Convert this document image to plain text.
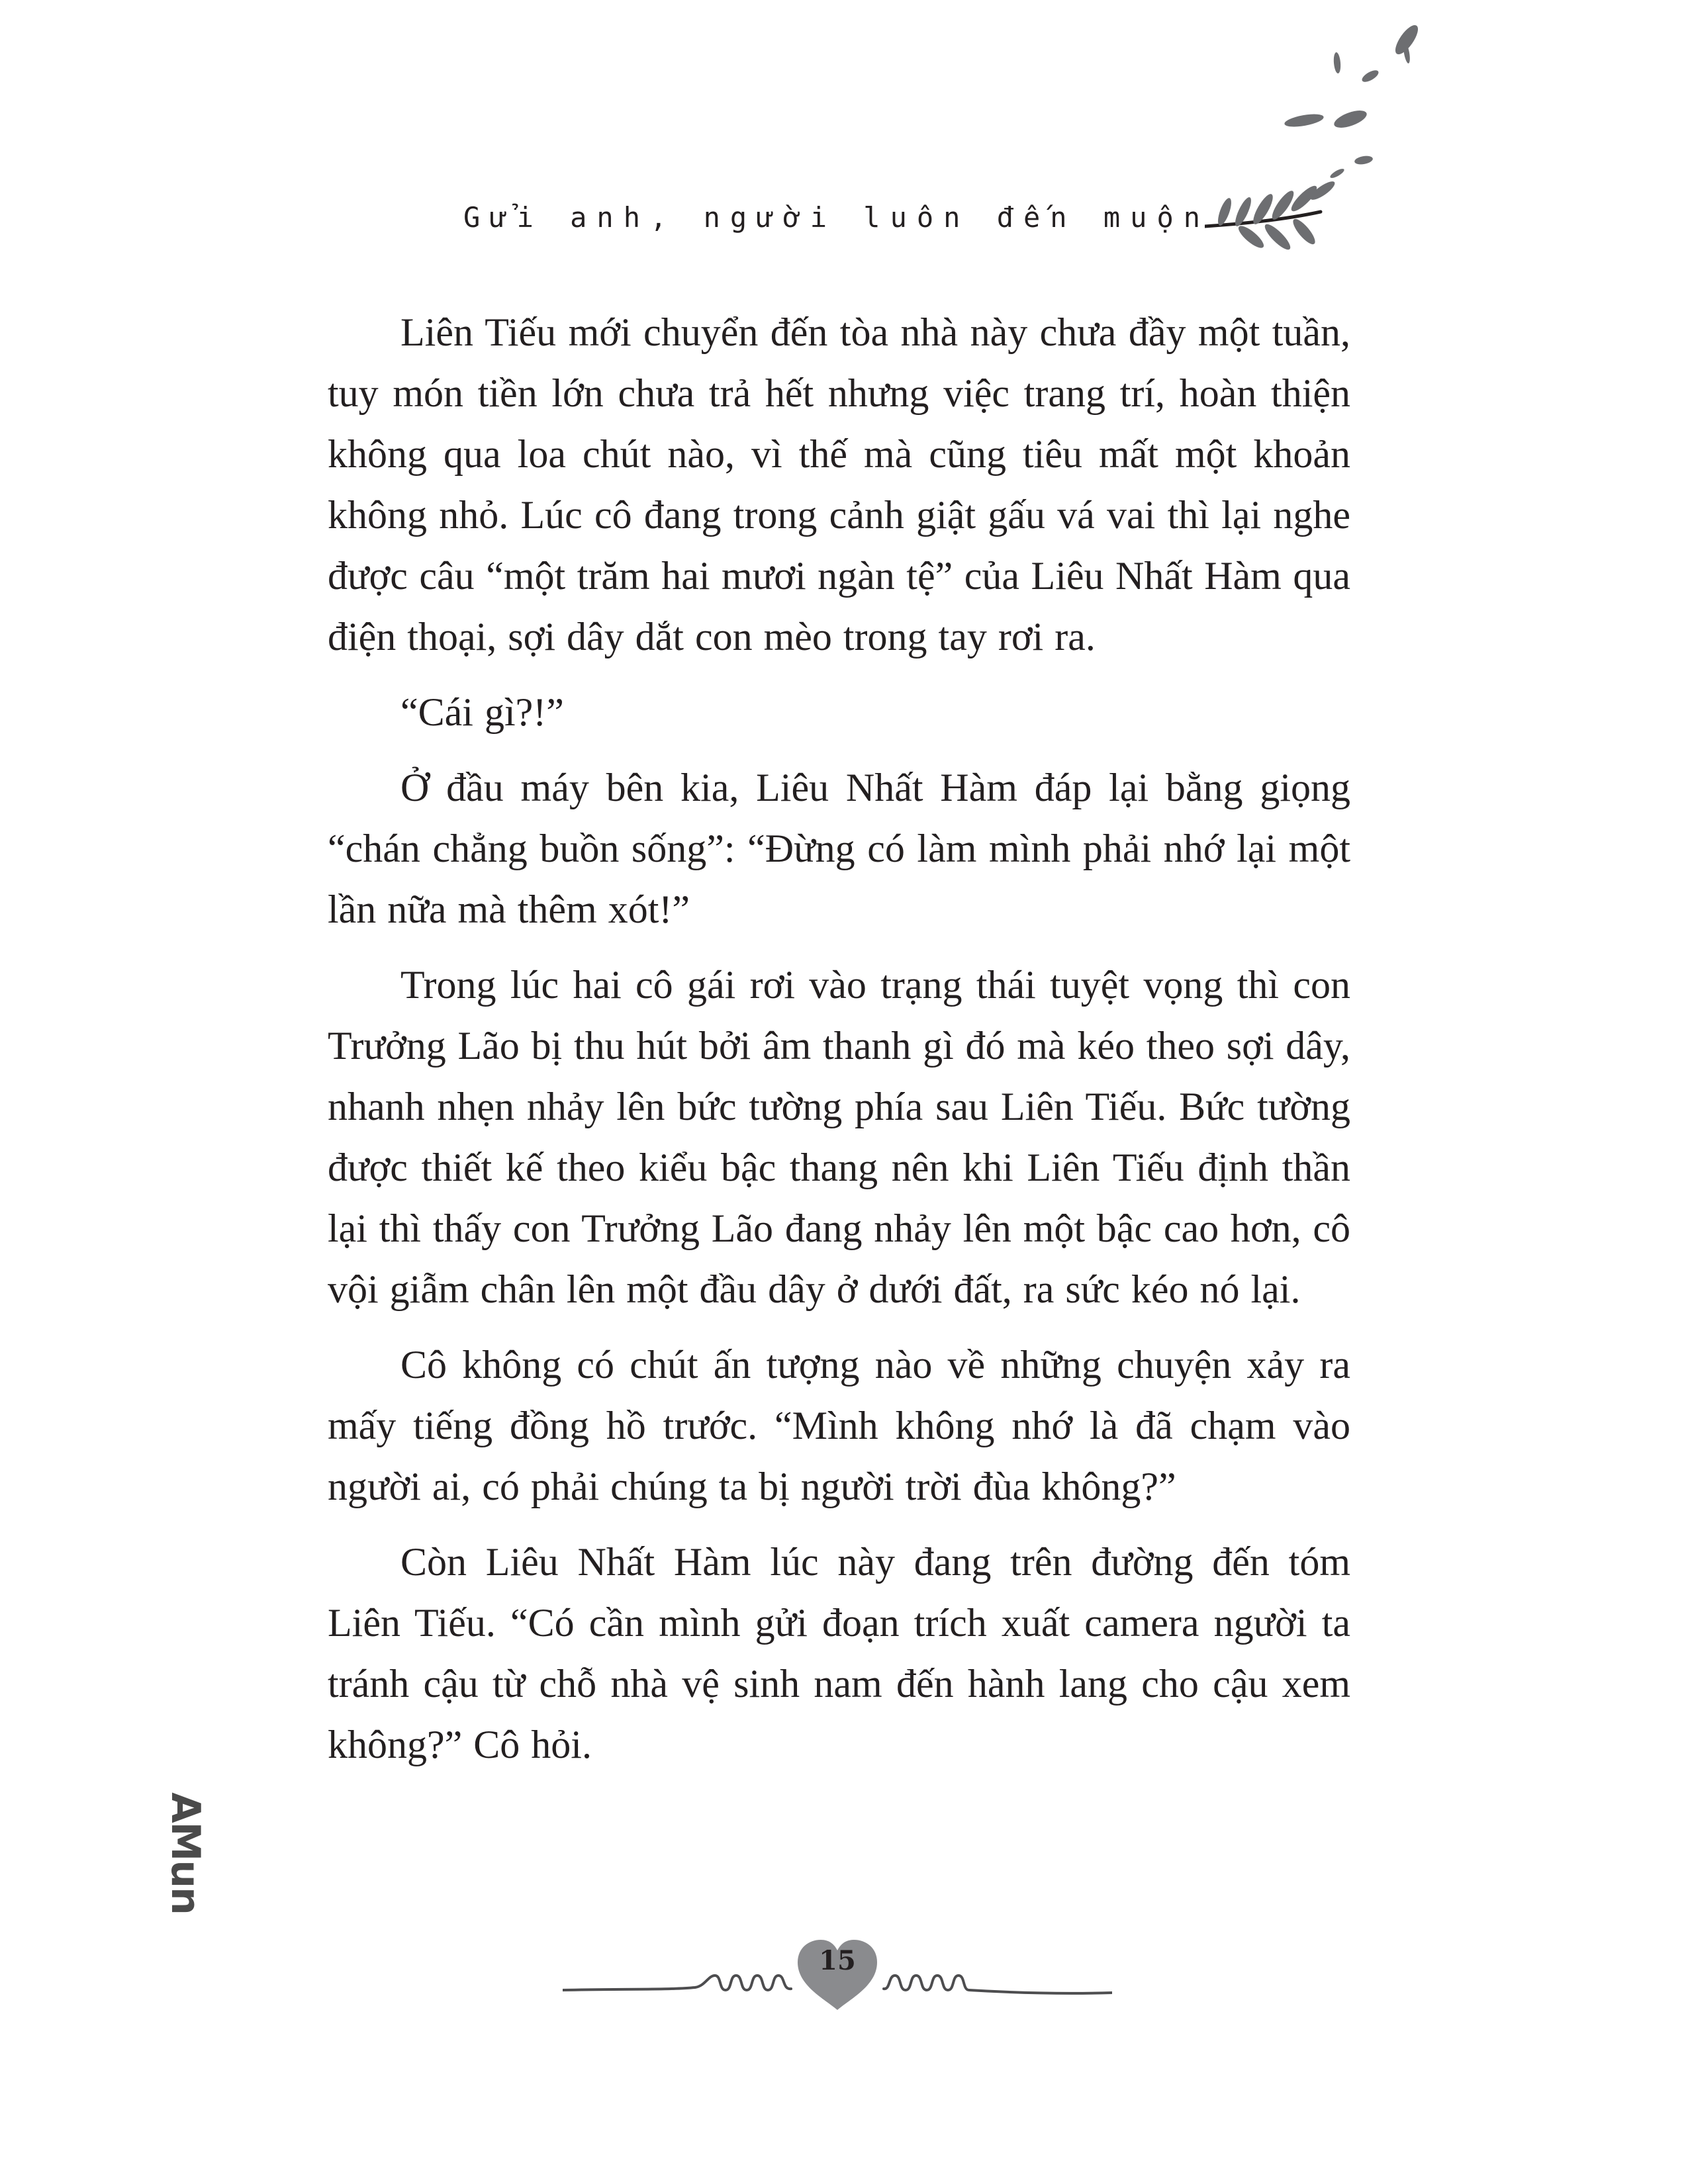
Gửi anh, người luôn đến muộn

Liên Tiếu mới chuyển đến tòa nhà này chưa đầy một tuần, tuy món tiền lớn chưa trả hết nhưng việc trang trí, hoàn thiện không qua loa chút nào, vì thế mà cũng tiêu mất một khoản không nhỏ. Lúc cô đang trong cảnh giật gấu vá vai thì lại nghe được câu “một trăm hai mươi ngàn tệ” của Liêu Nhất Hàm qua điện thoại, sợi dây dắt con mèo trong tay rơi ra.

“Cái gì?!”

Ở đầu máy bên kia, Liêu Nhất Hàm đáp lại bằng giọng “chán chẳng buồn sống”: “Đừng có làm mình phải nhớ lại một lần nữa mà thêm xót!”

Trong lúc hai cô gái rơi vào trạng thái tuyệt vọng thì con Trưởng Lão bị thu hút bởi âm thanh gì đó mà kéo theo sợi dây, nhanh nhẹn nhảy lên bức tường phía sau Liên Tiếu. Bức tường được thiết kế theo kiểu bậc thang nên khi Liên Tiếu định thần lại thì thấy con Trưởng Lão đang nhảy lên một bậc cao hơn, cô vội giẫm chân lên một đầu dây ở dưới đất, ra sức kéo nó lại.

Cô không có chút ấn tượng nào về những chuyện xảy ra mấy tiếng đồng hồ trước. “Mình không nhớ là đã chạm vào người ai, có phải chúng ta bị người trời đùa không?”

Còn Liêu Nhất Hàm lúc này đang trên đường đến tóm Liên Tiếu. “Có cần mình gửi đoạn trích xuất camera người ta tránh cậu từ chỗ nhà vệ sinh nam đến hành lang cho cậu xem không?” Cô hỏi.

AMun
15
